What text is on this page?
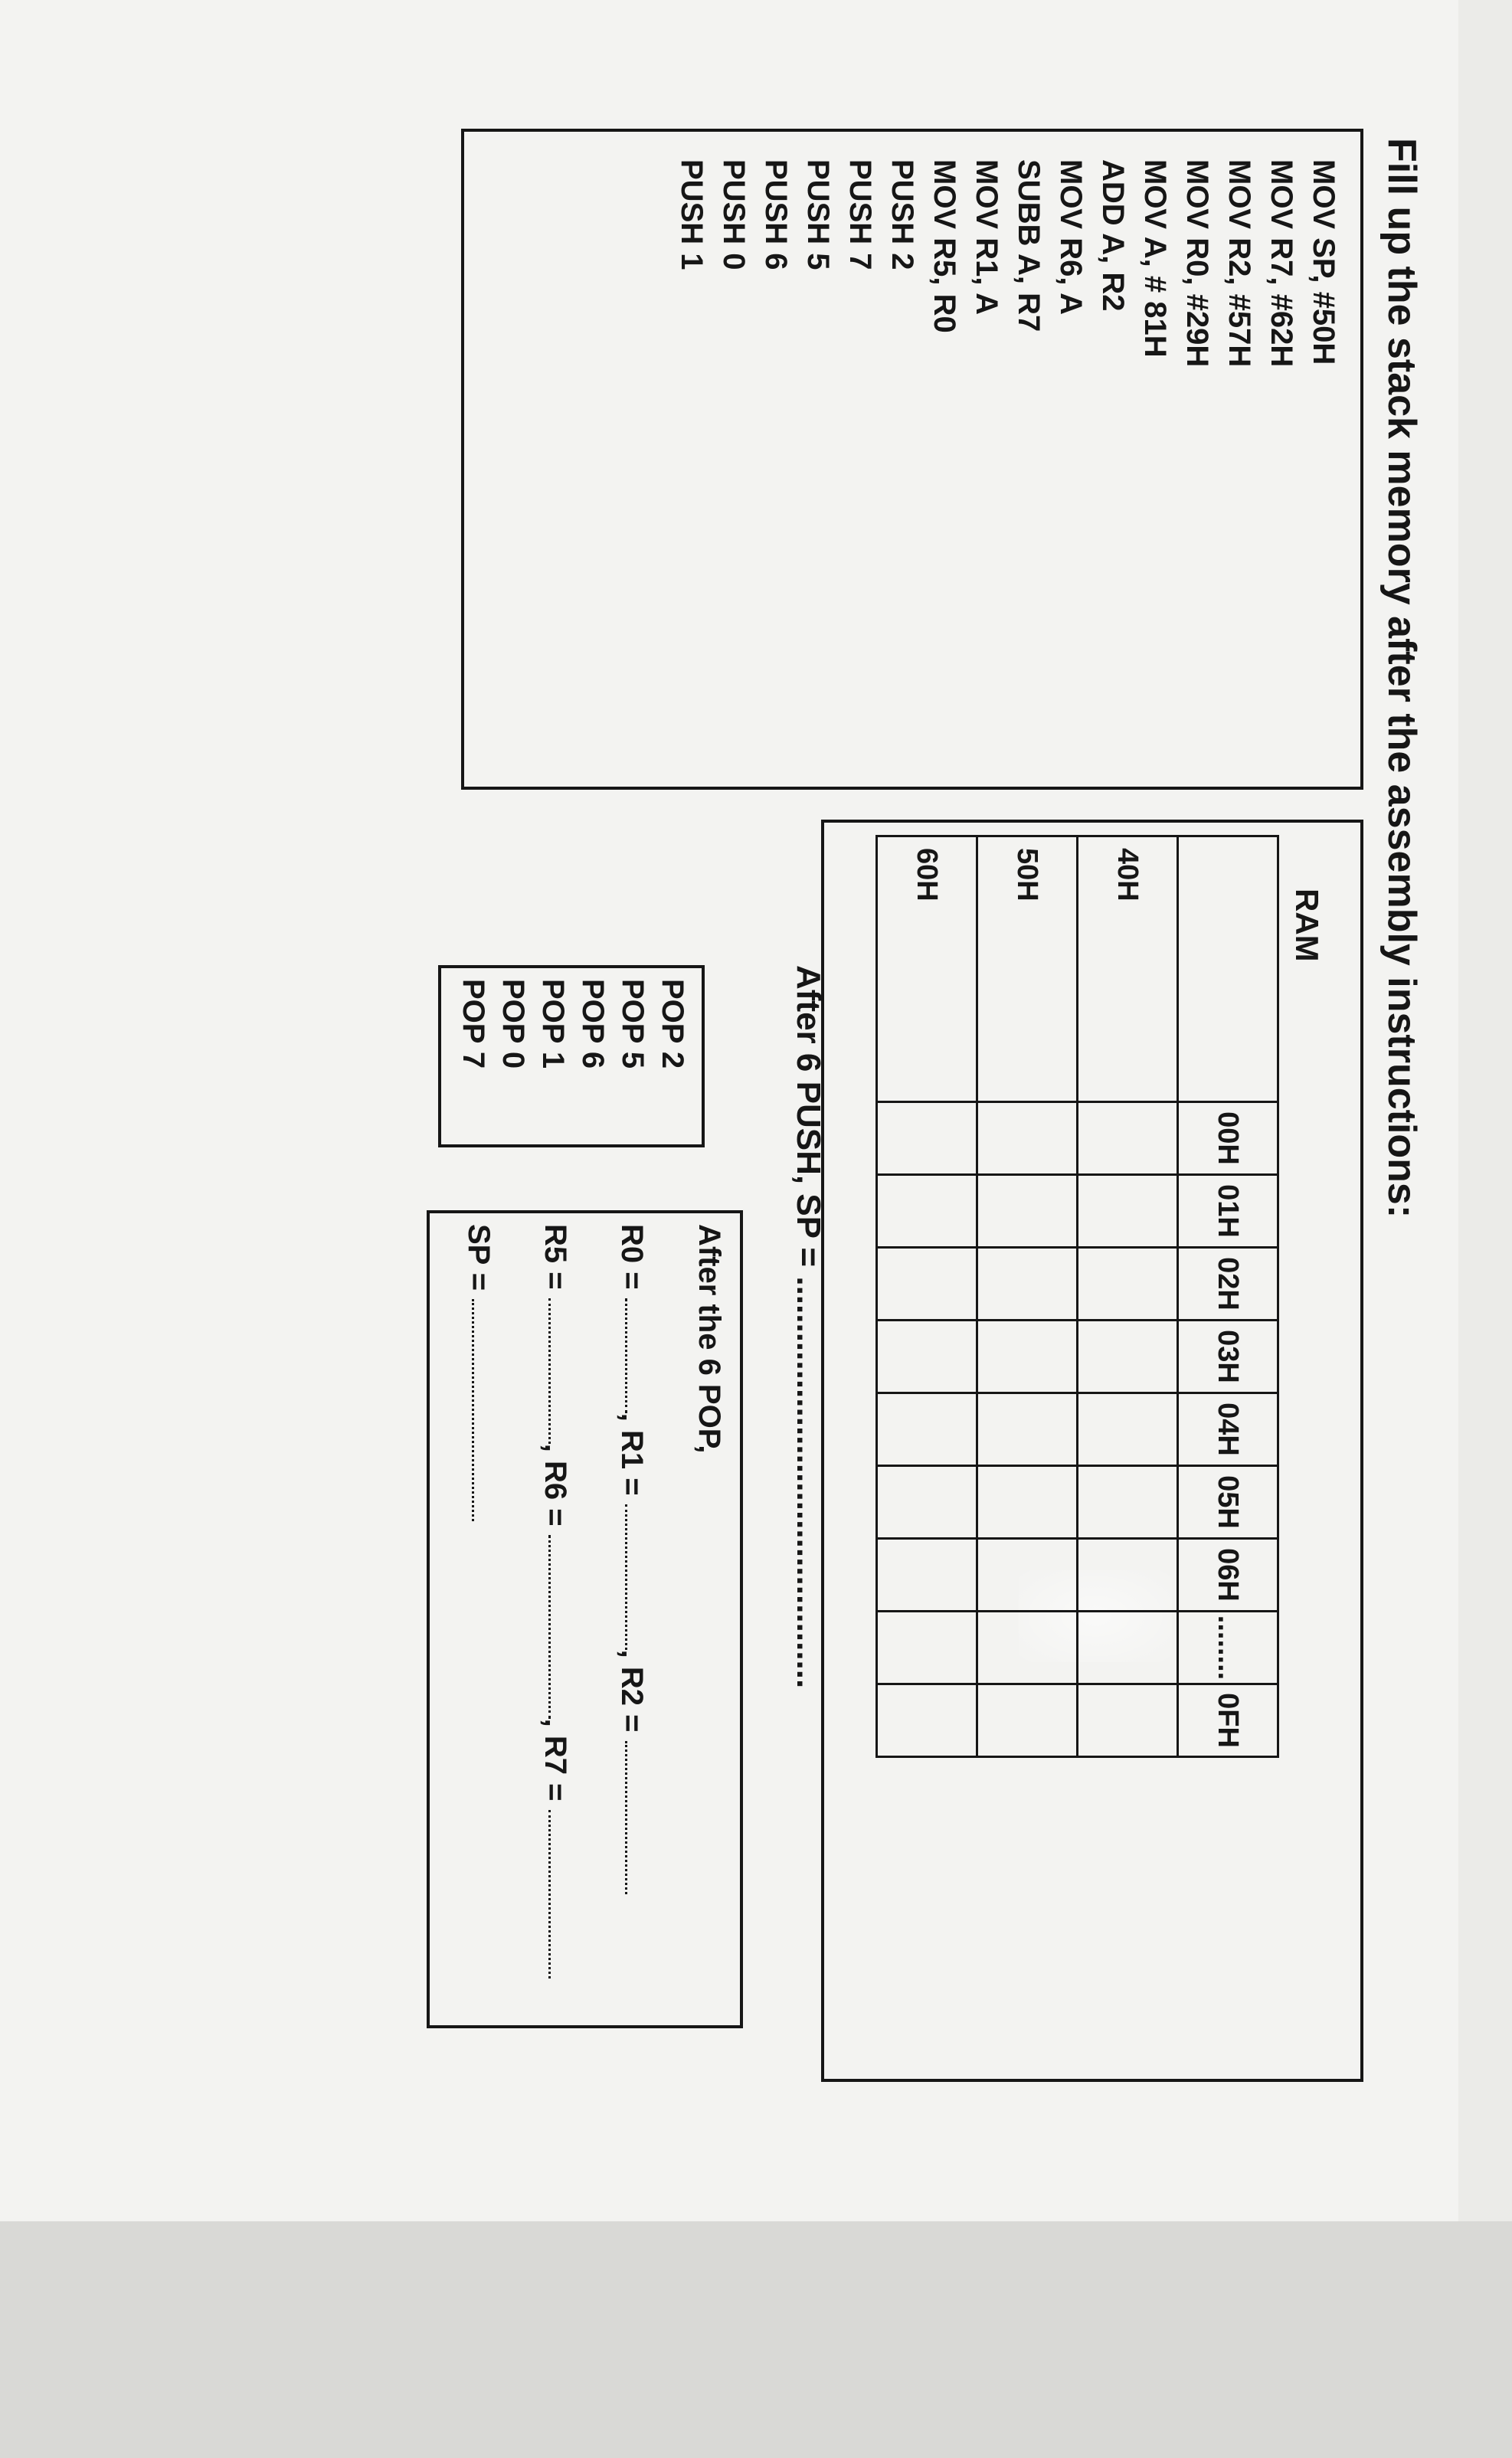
Fill up the stack memory after the assembly instructions:
MOV SP, #50H
MOV R7, #62H
MOV R2, #57H
MOV R0, #29H
MOV A, # 81H
ADD A, R2
MOV R6, A
SUBB A, R7
MOV R1, A
MOV R5, R0
PUSH 2
PUSH 7
PUSH 5
PUSH 6
PUSH 0
PUSH 1
RAM
	00H	01H	02H	03H	04H	05H	06H	........	0FH
40H									
50H									
60H									
After 6 PUSH, SP = ............................................
POP 2
POP 5
POP 6
POP 1
POP 0
POP 7
After the 6 POP,
R0 = , R1 = , R2 =
R5 = , R6 = , R7 =
SP =
